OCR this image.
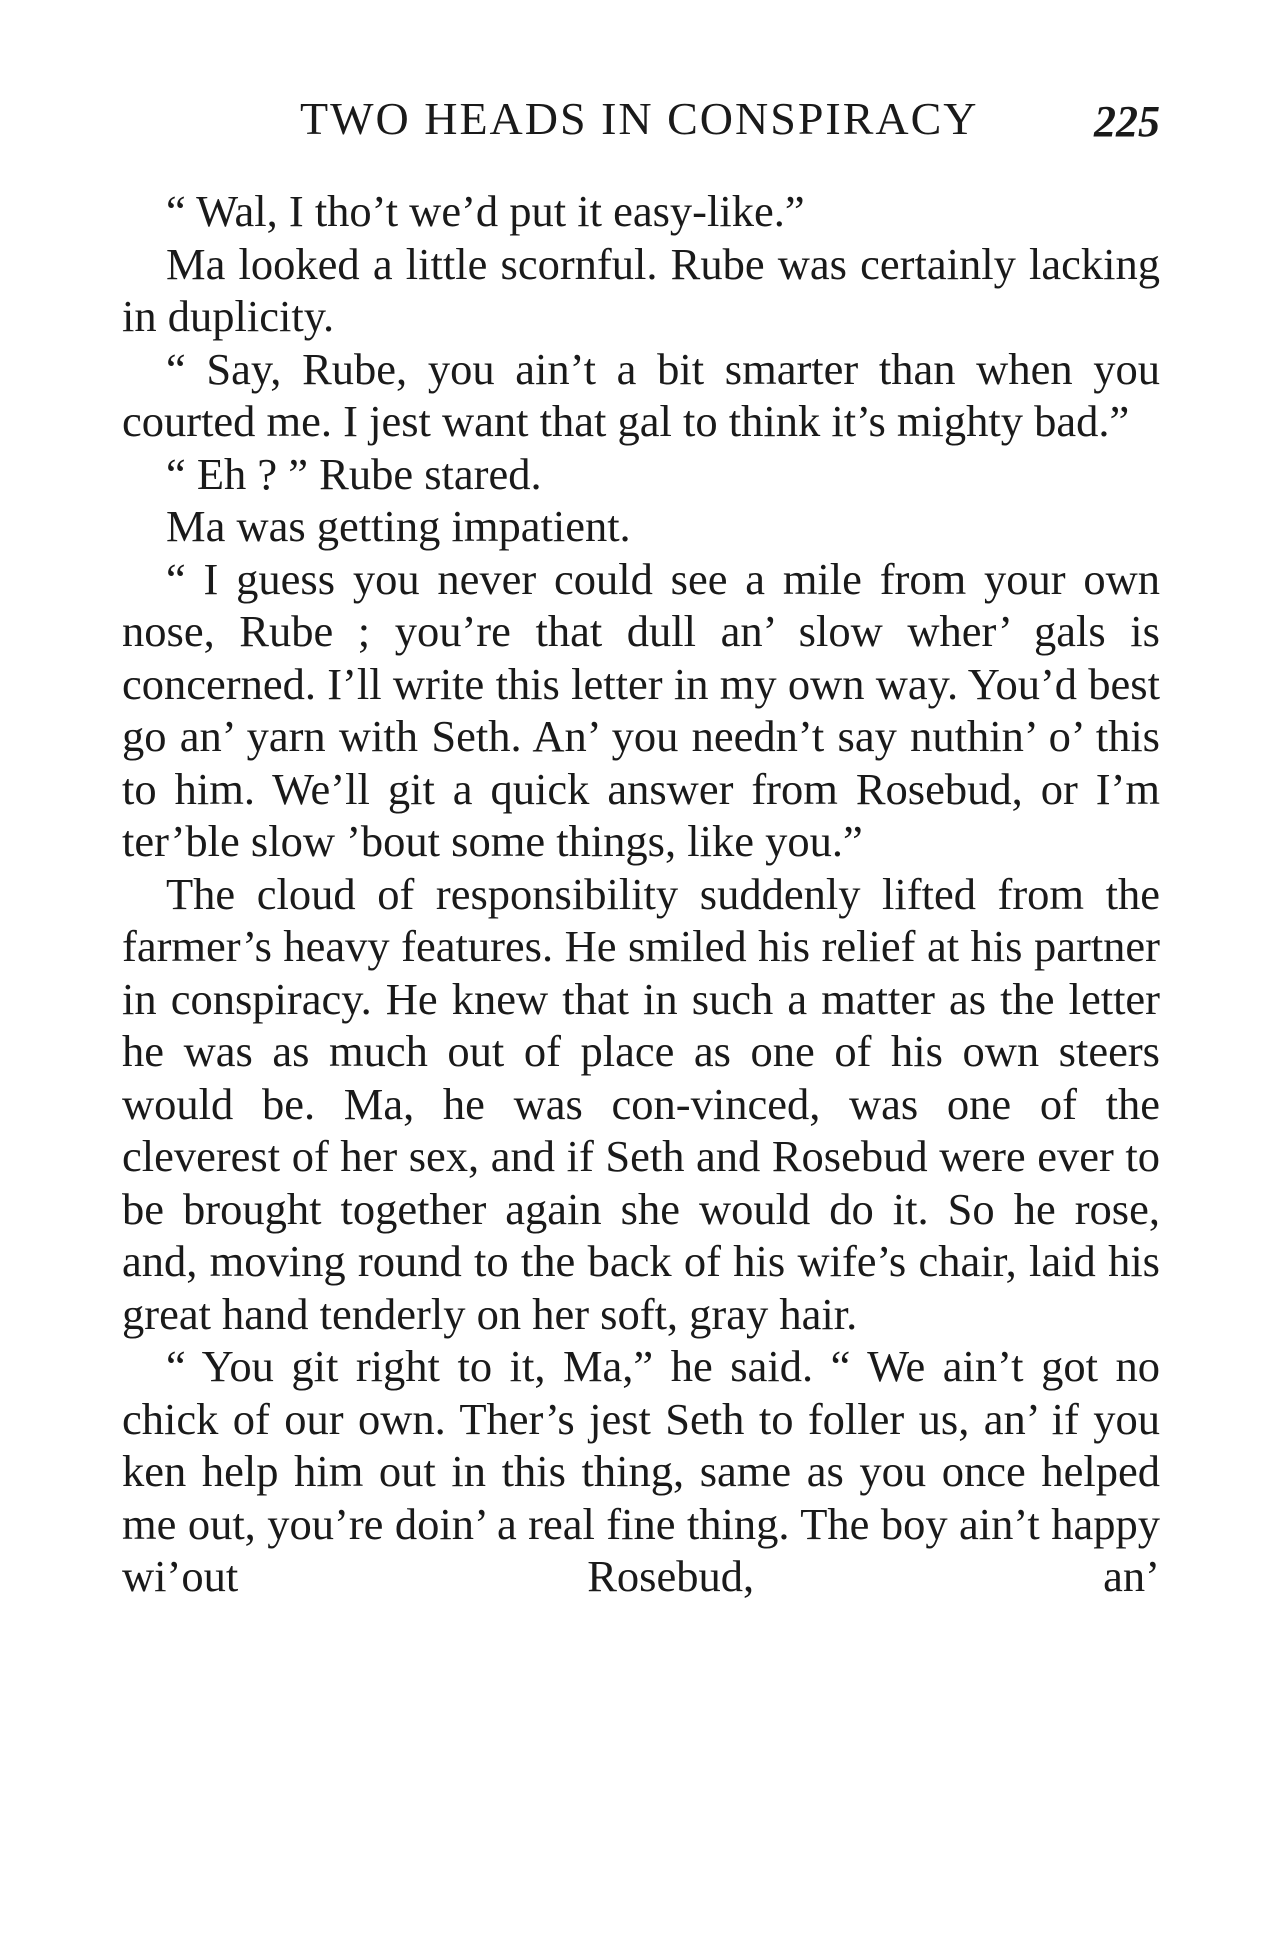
TWO HEADS IN CONSPIRACY	225

“ Wal, I tho’t we’d put it easy-like.”

Ma looked a little scornful. Rube was certainly lacking in duplicity.

“ Say, Rube, you ain’t a bit smarter than when you courted me. I jest want that gal to think it’s mighty bad.”

“ Eh ? ” Rube stared.

Ma was getting impatient.

“ I guess you never could see a mile from your own nose, Rube ; you’re that dull an’ slow wher’ gals is concerned. I’ll write this letter in my own way. You’d best go an’ yarn with Seth. An’ you needn’t say nuthin’ o’ this to him. We’ll git a quick answer from Rosebud, or I’m ter’ble slow ’bout some things, like you.”

The cloud of responsibility suddenly lifted from the farmer’s heavy features. He smiled his relief at his partner in conspiracy. He knew that in such a matter as the letter he was as much out of place as one of his own steers would be. Ma, he was con-vinced, was one of the cleverest of her sex, and if Seth and Rosebud were ever to be brought together again she would do it. So he rose, and, moving round to the back of his wife’s chair, laid his great hand tenderly on her soft, gray hair.

“ You git right to it, Ma,” he said. “ We ain’t got no chick of our own. Ther’s jest Seth to foller us, an’ if you ken help him out in this thing, same as you once helped me out, you’re doin’ a real fine thing. The boy ain’t happy wi’out Rosebud, an’
